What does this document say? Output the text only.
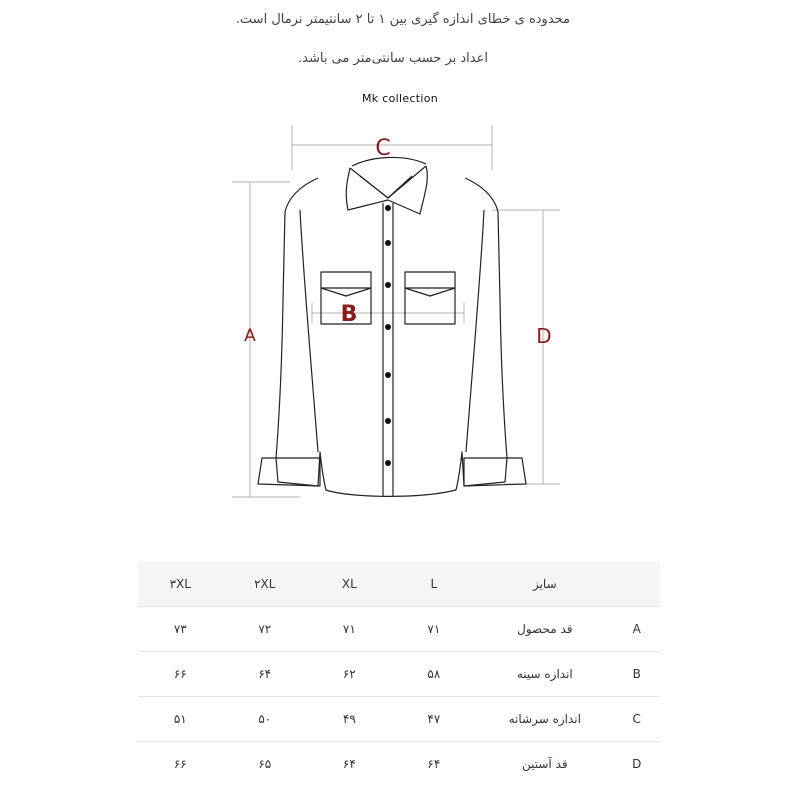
محدوده ی خطای اندازه گیری بین ۱ تا ۲ سانتیمتر نرمال است.
اعداد بر حسب سانتی‌متر می باشد.
Mk collection
C
A	D
B
۳XL	۲XL	XL	L	سایز	
۷۳	۷۲	۷۱	۷۱	قد محصول	A
۶۶	۶۴	۶۲	۵۸	اندازه سینه	B
۵۱	۵۰	۴۹	۴۷	اندازه سرشانه	C
۶۶	۶۵	۶۴	۶۴	قد آستین	D
